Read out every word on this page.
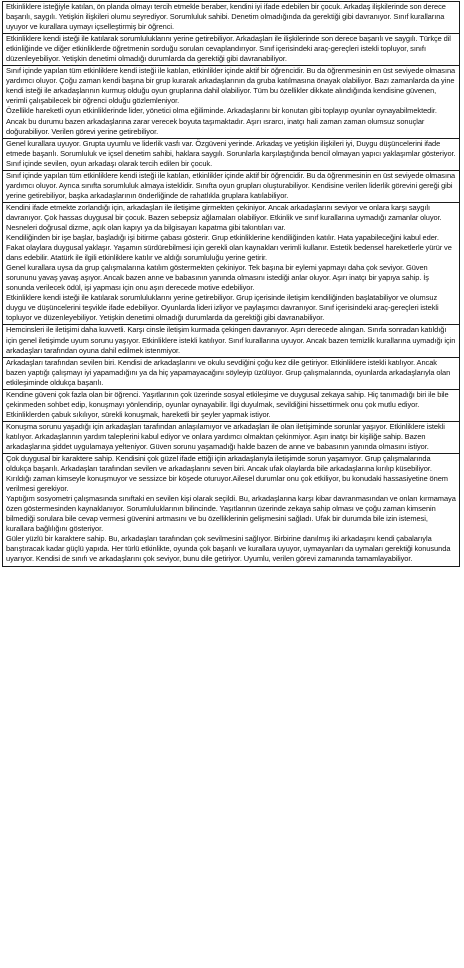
Etkinliklere isteğiyle katılan, ön planda olmayı tercih etmekle beraber, kendini iyi ifade edebilen bir çocuk. Arkadaş ilişkilerinde son derece başarılı, saygılı. Yetişkin ilişkileri olumu seyrediyor. Sorumluluk sahibi. Denetim olmadığında da gerektiği gibi davranıyor. Sınıf kurallarına uyuyor ve kurallara uymayı içselleştirmiş bir öğrenci.

Etkinliklere kendi isteği ile katılarak sorumluluklarını yerine getirebiliyor. Arkadaşları ile ilişkilerinde son derece başarılı ve saygılı. Türkçe dil etkinliğinde ve diğer etkinliklerde öğretmenin sorduğu soruları cevaplandırıyor. Sınıf içerisindeki araç-gereçleri istekli topluyor, sınıfı düzenleyebiliyor. Yetişkin denetimi olmadığı durumlarda da gerektiği gibi davranabiliyor.

Sınıf içinde yapılan tüm etkinliklere kendi isteği ile katılan, etkinlikler içinde aktif bir öğrencidir. Bu da öğrenmesinin en üst seviyede olmasına yardımcı oluyor. Çoğu zaman kendi başına bir grup kurarak arkadaşlarının da gruba katılmasına önayak olabiliyor. Bazı zamanlarda da yine kendi isteği ile arkadaşlarının kurmuş olduğu oyun gruplarına dahil olabiliyor. Tüm bu özellikler dikkate alındığında kendisine güvenen, verimli çalışabilecek bir öğrenci olduğu gözlemleniyor.

Özellikle hareketli oyun etkinliklerinde lider, yönetici olma eğiliminde. Arkadaşlarını bir konutan gibi toplayıp oyunlar oynayabilmektedir. Ancak bu durumu bazen arkadaşlarına zarar verecek boyuta taşımaktadır. Aşırı ısrarcı, inatçı hali zaman zaman olumsuz sonuçlar doğurabiliyor. Verilen görevi yerine getirebiliyor.

Genel kurallara uyuyor. Grupta uyumlu ve liderlik vasfı var. Özgüveni yerinde. Arkadaş ve yetişkin ilişkileri iyi, Duygu düşüncelerini ifade etmede başarılı. Sorumluluk ve içsel denetim sahibi, haklara saygılı. Sorunlarla karşılaştığında bencil olmayan yapıcı yaklaşımlar gösteriyor. Sınıf içinde sevilen, oyun arkadaşı olarak tercih edilen bir çocuk.

Sınıf içinde yapılan tüm etkinliklere kendi isteği ile katılan, etkinlikler içinde aktif bir öğrencidir. Bu da öğrenmesinin en üst seviyede olmasına yardımcı oluyor. Ayrıca sınıfta sorumluluk almaya isteklidir. Sınıfta oyun grupları oluşturabiliyor. Kendisine verilen liderlik görevini gereği gibi yerine getirebiliyor, başka arkadaşlarının önderliğinde de rahatlıkla gruplara katılabiliyor.

Kendini ifade etmekte zorlandığı için, arkadaşları ile iletişime girmekten çekiniyor. Ancak arkadaşlarını seviyor ve onlara karşı saygılı davranıyor. Çok hassas duygusal bir çocuk. Bazen sebepsiz ağlamaları olabiliyor. Etkinlik ve sınıf kurallarına uymadığı zamanlar oluyor. Nesneleri doğrusal dizme, açık olan kapıyı ya da bilgisayarı kapatma gibi takıntıları var.

Kendiliğinden bir işe başlar, başladığı işi bitirme çabası gösterir. Grup etkinliklerine kendiliğinden katılır. Hata yapabileceğini kabul eder. Fakat olaylara duygusal yaklaşır. Yaşamın sürdürebilmesi için gerekli olan kaynakları verimli kullanır. Estetik bedensel hareketlerle yürür ve dans edebilir. Atatürk ile ilgili etkinliklere katılır ve aldığı sorumluluğu yerine getirir.

Genel kurallara uysa da grup çalışmalarına katılım göstermekten çekiniyor. Tek başına bir eylemi yapmayı daha çok seviyor. Güven sorununu yavaş yavaş aşıyor. Ancak bazen anne ve babasının yanında olmasını istediği anlar oluyor. Aşırı inatçı bir yapıya sahip. İş sonunda verilecek ödül, işi yapması için onu aşırı derecede motive edebiliyor.

Etkinliklere kendi isteği ile katılarak sorumluluklarını yerine getirebiliyor. Grup içerisinde iletişim kendiliğinden başlatabiliyor ve olumsuz duygu ve düşüncelerini teşvikle ifade edebiliyor. Oyunlarda lideri izliyor ve paylaşımcı davranıyor. Sınıf içerisindeki araç-gereçleri istekli topluyor ve düzenleyebiliyor. Yetişkin denetimi olmadığı durumlarda da gerektiği gibi davranabiliyor.

Hemcinsleri ile iletişimi daha kuvvetli. Karşı cinsle iletişim kurmada çekingen davranıyor. Aşırı derecede alıngan. Sınıfa sonradan katıldığı için genel iletişimde uyum sorunu yaşıyor. Etkinliklere istekli katılıyor. Sınıf kurallarına uyuyor. Ancak bazen temizlik kurallarına uymadığı için arkadaşları tarafından oyuna dahil edilmek istenmiyor.

Arkadaşları tarafından sevilen biri. Kendisi de arkadaşlarını ve okulu sevdiğini çoğu kez dile getiriyor. Etkinliklere istekli katılıyor. Ancak bazen yaptığı çalışmayı iyi yapamadığını ya da hiç yapamayacağını söyleyip üzülüyor. Grup çalışmalarında, oyunlarda arkadaşlarıyla olan etkileşiminde oldukça başarılı.

Kendine güveni çok fazla olan bir öğrenci. Yaşıtlarının çok üzerinde sosyal etkileşime ve duygusal zekaya sahip. Hiç tanımadığı biri ile bile çekinmeden sohbet edip, konuşmayı yönlendirip, oyunlar oynayabilir. İlgi duyulmak, sevildiğini hissettirmek onu çok mutlu ediyor. Etkinliklerden çabuk sıkılıyor, sürekli konuşmak, hareketli bir şeyler yapmak istiyor.

Konuşma sorunu yaşadığı için arkadaşları tarafından anlaşılamıyor ve arkadaşları ile olan iletişiminde sorunlar yaşıyor. Etkinliklere istekli katılıyor. Arkadaşlarının yardım taleplerini kabul ediyor ve onlara yardımcı olmaktan çekinmiyor. Aşırı inatçı bir kişiliğe sahip. Bazen arkadaşlarına şiddet uygulamaya yelteniyor. Güven sorunu yaşamadığı halde bazen de anne ve babasının yanında olmasını istiyor.

Çok duygusal bir karaktere sahip. Kendisini çok güzel ifade ettiği için arkadaşlarıyla iletişimde sorun yaşamıyor. Grup çalışmalarında oldukça başarılı. Arkadaşları tarafından sevilen ve arkadaşlarını seven biri. Ancak ufak olaylarda bile arkadaşlarına kırılıp küsebiliyor. Kırıldığı zaman kimseyle konuşmuyor ve sessizce bir köşede oturuyor.Ailesel durumlar onu çok etkiliyor, bu konudaki hassasiyetine önem verilmesi gerekiyor.

Yaptığım sosyometri çalışmasında sınıftaki en sevilen kişi olarak seçildi. Bu, arkadaşlarına karşı kibar davranmasından ve onları kırmamaya özen göstermesinden kaynaklanıyor. Sorumluluklarının bilincinde. Yaşıtlarının üzerinde zekaya sahip olması ve çoğu zaman kimsenin bilmediği sorulara bile cevap vermesi güvenini artmasını ve bu özelliklerinin gelişmesini sağladı. Ufak bir durumda bile izin istemesi, kurallara bağlılığını gösteriyor.

Güler yüzlü bir karaktere sahip. Bu, arkadaşları tarafından çok sevilmesini sağlıyor. Birbirine danılmış iki arkadaşını kendi çabalarıyla barıştıracak kadar güçlü yapıda. Her türlü etkinlikte, oyunda çok başarılı ve kurallara uyuyor, uymayanları da uymaları gerektiği konusunda uyarıyor. Kendisi de sınıfı ve arkadaşlarını çok seviyor, bunu dile getiriyor. Uyumlu, verilen görevi zamanında tamamlayabiliyor.
